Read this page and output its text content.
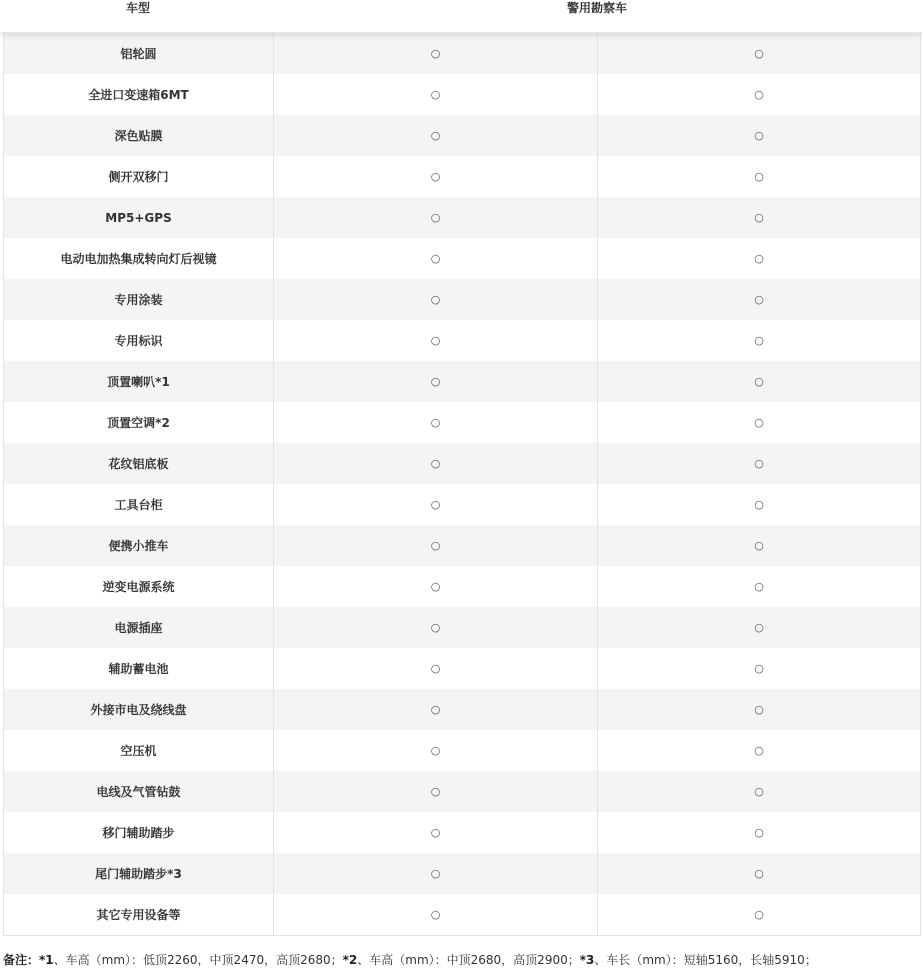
车型	警用勘察车
铝轮圆	○	○
全进口变速箱6MT	○	○
深色贴膜	○	○
侧开双移门	○	○
MP5+GPS	○	○
电动电加热集成转向灯后视镜	○	○
专用涂装	○	○
专用标识	○	○
顶置喇叭*1	○	○
顶置空调*2	○	○
花纹铝底板	○	○
工具台柜	○	○
便携小推车	○	○
逆变电源系统	○	○
电源插座	○	○
辅助蓄电池	○	○
外接市电及绕线盘	○	○
空压机	○	○
电线及气管钻鼓	○	○
移门辅助踏步	○	○
尾门辅助踏步*3	○	○
其它专用设备等	○	○
备注：*1、车高（mm）：低顶2260，中顶2470，高顶2680；*2、车高（mm）：中顶2680，高顶2900；*3、车长（mm）：短轴5160，长轴5910；
